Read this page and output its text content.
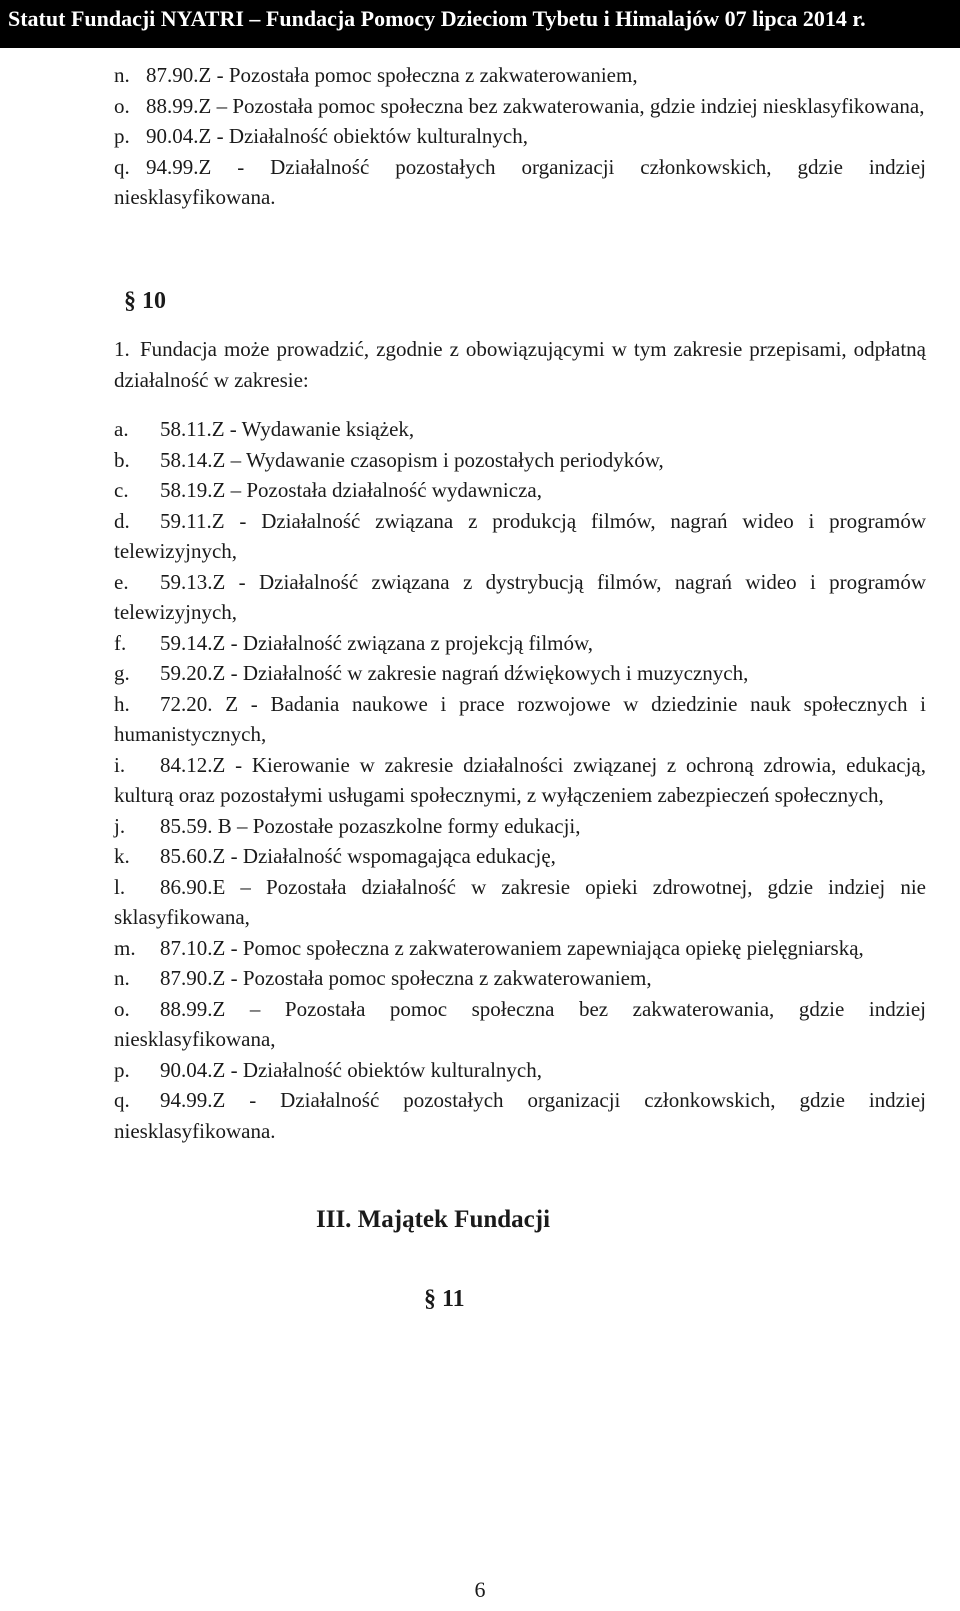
Statut Fundacji NYATRI – Fundacja Pomocy Dzieciom Tybetu i Himalajów 07 lipca 2014 r.

n. 87.90.Z - Pozostała pomoc społeczna z zakwaterowaniem,

o. 88.99.Z – Pozostała pomoc społeczna bez zakwaterowania, gdzie indziej niesklasyfikowana,

p. 90.04.Z - Działalność obiektów kulturalnych,

q. 94.99.Z - Działalność pozostałych organizacji członkowskich, gdzie indziej niesklasyfikowana.

§ 10

1. Fundacja może prowadzić, zgodnie z obowiązującymi w tym zakresie przepisami, odpłatną działalność w zakresie:

a. 58.11.Z - Wydawanie książek,

b. 58.14.Z – Wydawanie czasopism i pozostałych periodyków,

c. 58.19.Z – Pozostała działalność wydawnicza,

d. 59.11.Z - Działalność związana z produkcją filmów, nagrań wideo i programów telewizyjnych,

e. 59.13.Z - Działalność związana z dystrybucją filmów, nagrań wideo i programów telewizyjnych,

f. 59.14.Z - Działalność związana z projekcją filmów,

g. 59.20.Z - Działalność w zakresie nagrań dźwiękowych i muzycznych,

h. 72.20. Z - Badania naukowe i prace rozwojowe w dziedzinie nauk społecznych i humanistycznych,

i. 84.12.Z - Kierowanie w zakresie działalności związanej z ochroną zdrowia, edukacją, kulturą oraz pozostałymi usługami społecznymi, z wyłączeniem zabezpieczeń społecznych,

j. 85.59. B – Pozostałe pozaszkolne formy edukacji,

k. 85.60.Z - Działalność wspomagająca edukację,

l. 86.90.E – Pozostała działalność w zakresie opieki zdrowotnej, gdzie indziej nie sklasyfikowana,

m. 87.10.Z - Pomoc społeczna z zakwaterowaniem zapewniająca opiekę pielęgniarską,

n. 87.90.Z - Pozostała pomoc społeczna z zakwaterowaniem,

o. 88.99.Z – Pozostała pomoc społeczna bez zakwaterowania, gdzie indziej niesklasyfikowana,

p. 90.04.Z - Działalność obiektów kulturalnych,

q. 94.99.Z - Działalność pozostałych organizacji członkowskich, gdzie indziej niesklasyfikowana.

III. Majątek Fundacji
§ 11
6
